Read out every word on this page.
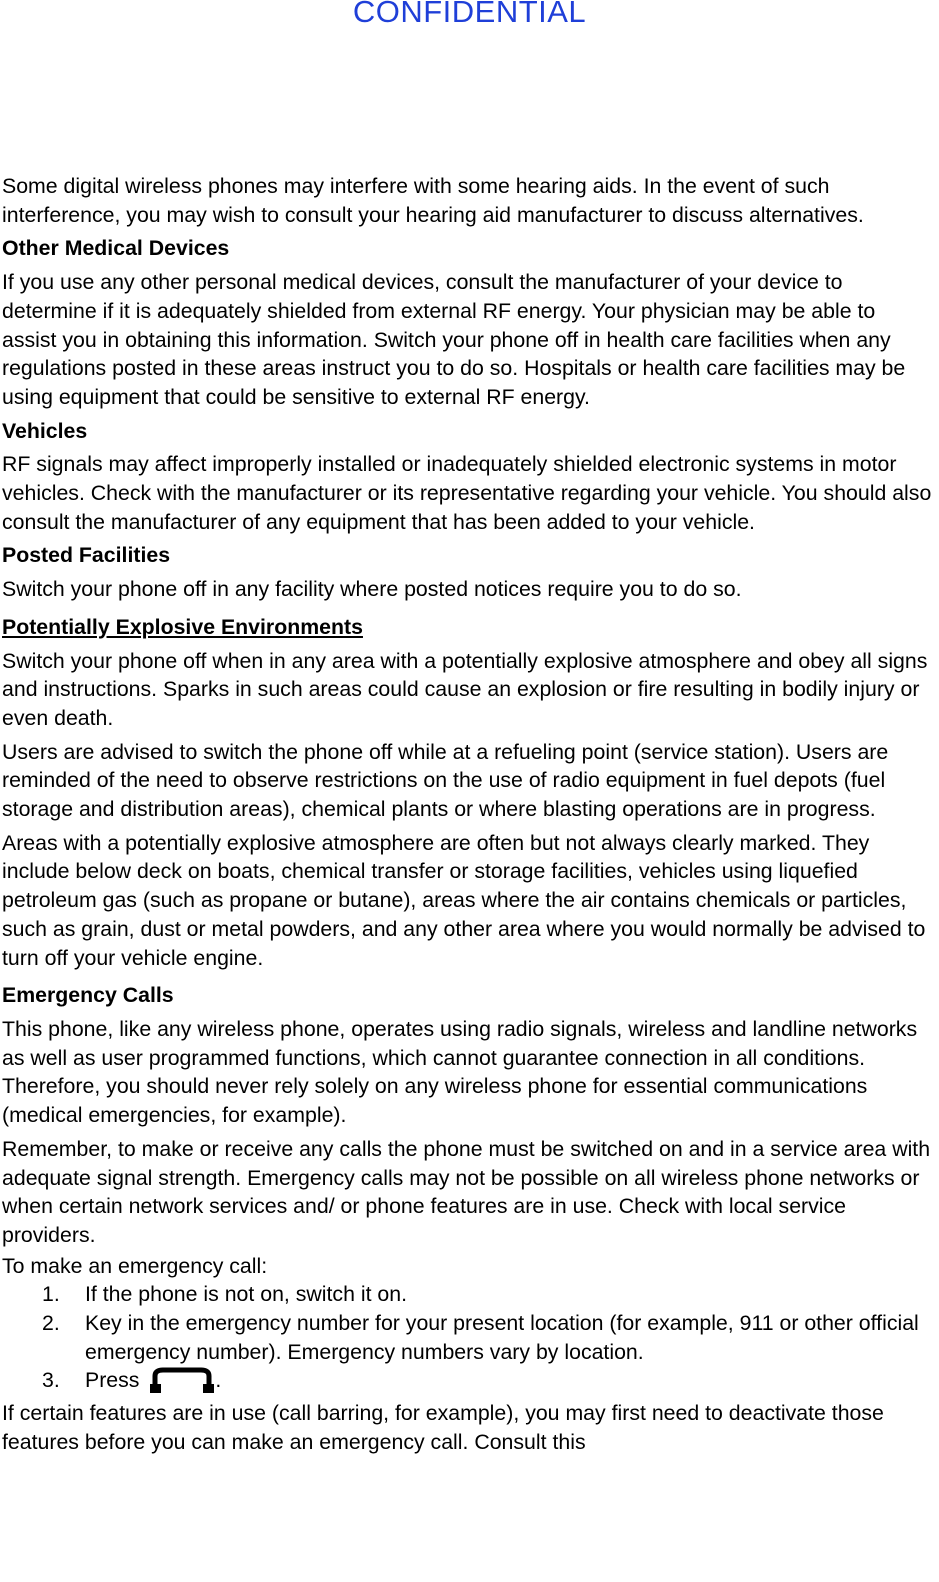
CONFIDENTIAL

Some digital wireless phones may interfere with some hearing aids. In the event of such interference, you may wish to consult your hearing aid manufacturer to discuss alternatives.

Other Medical Devices

If you use any other personal medical devices, consult the manufacturer of your device to determine if it is adequately shielded from external RF energy. Your physician may be able to assist you in obtaining this information. Switch your phone off in health care facilities when any regulations posted in these areas instruct you to do so. Hospitals or health care facilities may be using equipment that could be sensitive to external RF energy.

Vehicles

RF signals may affect improperly installed or inadequately shielded electronic systems in motor vehicles. Check with the manufacturer or its representative regarding your vehicle. You should also consult the manufacturer of any equipment that has been added to your vehicle.

Posted Facilities

Switch your phone off in any facility where posted notices require you to do so.

Potentially Explosive Environments

Switch your phone off when in any area with a potentially explosive atmosphere and obey all signs and instructions. Sparks in such areas could cause an explosion or fire resulting in bodily injury or even death.

Users are advised to switch the phone off while at a refueling point (service station). Users are reminded of the need to observe restrictions on the use of radio equipment in fuel depots (fuel storage and distribution areas), chemical plants or where blasting operations are in progress.

Areas with a potentially explosive atmosphere are often but not always clearly marked. They include below deck on boats, chemical transfer or storage facilities, vehicles using liquefied petroleum gas (such as propane or butane), areas where the air contains chemicals or particles, such as grain, dust or metal powders, and any other area where you would normally be advised to turn off your vehicle engine.

Emergency Calls

This phone, like any wireless phone, operates using radio signals, wireless and landline networks as well as user programmed functions, which cannot guarantee connection in all conditions. Therefore, you should never rely solely on any wireless phone for essential communications (medical emergencies, for example).

Remember, to make or receive any calls the phone must be switched on and in a service area with adequate signal strength. Emergency calls may not be possible on all wireless phone networks or when certain network services and/ or phone features are in use. Check with local service providers.

To make an emergency call:

1. If the phone is not on, switch it on.
2. Key in the emergency number for your present location (for example, 911 or other official emergency number). Emergency numbers vary by location.
3. Press	.

If certain features are in use (call barring, for example), you may first need to deactivate those features before you can make an emergency call. Consult this
